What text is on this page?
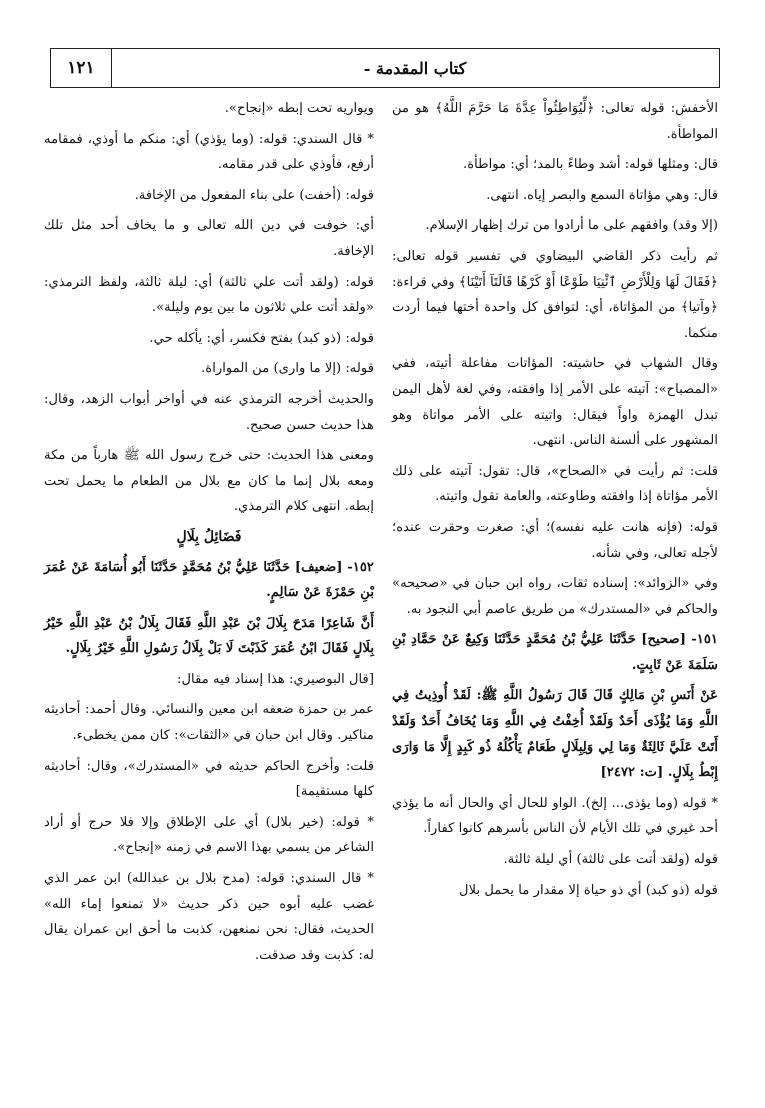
١٢١	- كتاب المقدمة

الأخفش: قوله تعالى: ﴿لِّيُوَاطِئُواْ عِدَّةَ مَا حَرَّمَ اللَّهُ﴾ هو من المواطأة.

قال: ومثلها قوله: أشد وطاءً بالمد؛ أي: مواطأة.

قال: وهي مؤاتاة السمع والبصر إياه. انتهى.

(إلا وقد) وافقهم على ما أرادوا من ترك إظهار الإسلام.

ثم رأيت ذكر القاضي البيضاوي في تفسير قوله تعالى: ﴿فَقَالَ لَهَا وَلِلْأَرْضِ ٱئْتِيَا طَوْعًا أَوْ كَرْهًا قَالَتَآ أَتَيْنَا﴾ وفي قراءة: ﴿وآتيا﴾ من المؤاتاة، أي: لتوافق كل واحدة أختها فيما أردت منكما.

وقال الشهاب في حاشيته: المؤاتات مفاعلة أتيته، ففي «المصباح»: آتيته على الأمر إذا وافقته، وفي لغة لأهل اليمن تبدل الهمزة واواً فيقال: واتيته على الأمر مواتاة وهو المشهور على ألسنة الناس. انتهى.

قلت: ثم رأيت في «الصحاح»، قال: تقول: آتيته على ذلك الأمر مؤاتاة إذا وافقته وطاوعته، والعامة تقول واتيته.

قوله: (فإنه هانت عليه نفسه)؛ أي: صغرت وحقرت عنده؛ لأجله تعالى، وفي شأنه.

وفي «الزوائد»: إسناده ثقات، رواه ابن حبان في «صحيحه» والحاكم في «المستدرك» من طريق عاصم أبي النجود به.

١٥١- [صحيح] حَدَّثَنَا عَلِيُّ بْنُ مُحَمَّدٍ حَدَّثَنَا وَكِيعٌ عَنْ حَمَّادِ بْنِ سَلَمَةَ عَنْ ثَابِتٍ.

عَنْ أَنَسِ بْنِ مَالِكٍ قَالَ قَالَ رَسُولُ اللَّهِ ﷺ: لَقَدْ أُوذِيتُ فِي اللَّهِ وَمَا يُؤْذَى أَحَدٌ وَلَقَدْ أُخِفْتُ فِي اللَّهِ وَمَا يُخَافُ أَحَدٌ وَلَقَدْ أَتَتْ عَلَيَّ ثَالِثَةٌ وَمَا لِي وَلِبِلَالٍ طَعَامٌ يَأْكُلُهُ ذُو كَبِدٍ إِلَّا مَا وَارَى إِبْطُ بِلَالٍ. [ت: ٢٤٧٢]

* قوله (وما يؤذى... إلخ). الواو للحال أي والحال أنه ما يؤذي أحد غيري في تلك الأيام لأن الناس بأسرهم كانوا كفاراً.

قوله (ولقد أتت على ثالثة) أي ليلة ثالثة.

قوله (ذو كبد) أي ذو حياة إلا مقدار ما يحمل بلال

ويواريه تحت إبطه «إنجاح».

* قال السندي: قوله: (وما يؤذي) أي: منكم ما أوذي، فمقامه أرفع، فأوذي على قدر مقامه.

قوله: (أخفت) على بناء المفعول من الإخافة.

أي: خوفت في دين الله تعالى و ما يخاف أحد مثل تلك الإخافة.

قوله: (ولقد أتت علي ثالثة) أي: ليلة ثالثة، ولفظ الترمذي: «ولقد أتت علي ثلاثون ما بين يوم وليلة».

قوله: (ذو كبد) بفتح فكسر، أي: يأكله حي.

قوله: (إلا ما وارى) من المواراة.

والحديث أخرجه الترمذي عنه في أواخر أبواب الزهد، وقال: هذا حديث حسن صحيح.

ومعنى هذا الحديث: حتى خرج رسول الله ﷺ هارباً من مكة ومعه بلال إنما ما كان مع بلال من الطعام ما يحمل تحت إبطه. انتهى كلام الترمذي.

فَضَائِلُ بِلَالٍ

١٥٢- [ضعيف] حَدَّثَنَا عَلِيُّ بْنُ مُحَمَّدٍ حَدَّثَنَا أَبُو أُسَامَةَ عَنْ عُمَرَ بْنِ حَمْزَةَ عَنْ سَالِمٍ.

أَنَّ شَاعِرًا مَدَحَ بِلَالَ بْنَ عَبْدِ اللَّهِ فَقَالَ بِلَالُ بْنُ عَبْدِ اللَّهِ خَيْرُ بِلَالٍ فَقَالَ ابْنُ عُمَرَ كَذَبْتَ لَا بَلْ بِلَالُ رَسُولِ اللَّهِ خَيْرُ بِلَالٍ.

[قال البوصيري: هذا إسناد فيه مقال:

عمر بن حمزة ضعفه ابن معين والنسائي. وقال أحمد: أحاديثه مناكير. وقال ابن حبان في «الثقات»: كان ممن يخطىء.

قلت: وأخرج الحاكم حديثه في «المستدرك»، وقال: أحاديثه كلها مستقيمة]

* قوله: (خير بلال) أي على الإطلاق وإلا فلا حرج أو أراد الشاعر من يسمي بهذا الاسم في زمنه «إنجاح».

* قال السندي: قوله: (مدح بلال بن عبدالله) ابن عمر الذي غضب عليه أبوه حين ذكر حديث «لا تمنعوا إماء الله» الحديث، فقال: نحن نمنعهن، كذبت ما أحق ابن عمران يقال له: كذبت وقد صدقت.
